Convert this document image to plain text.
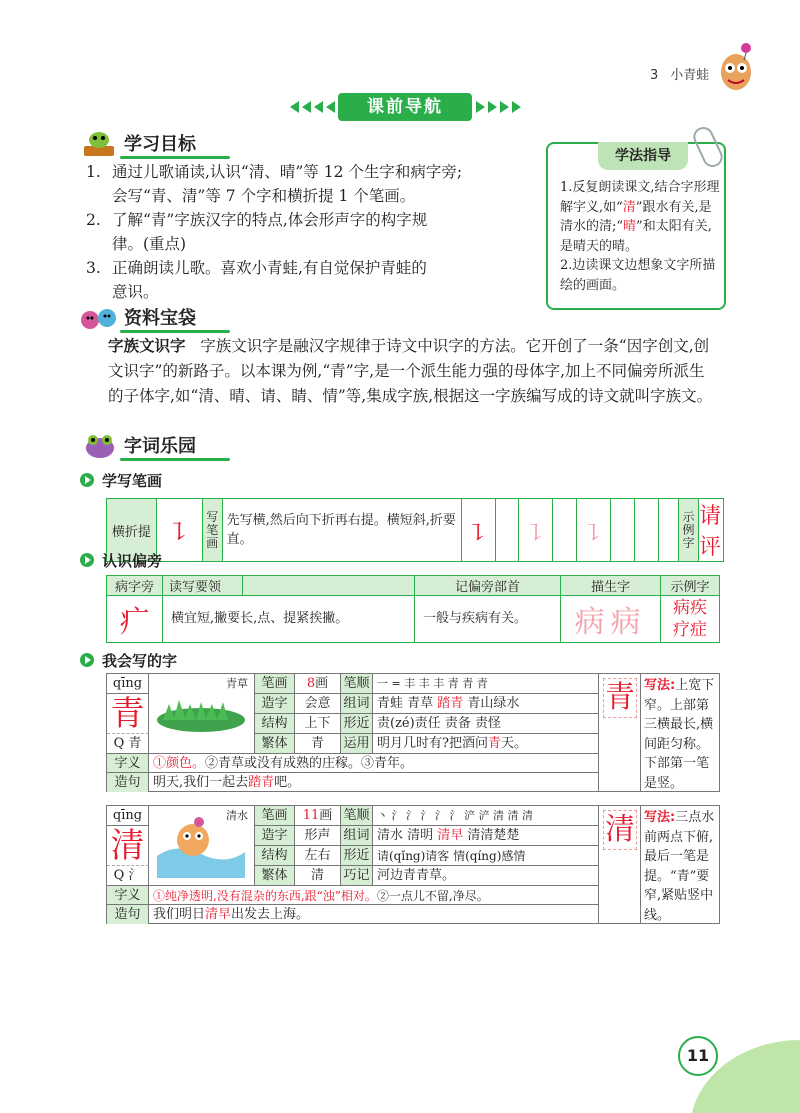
3 小青蛙
课前导航
学习目标
1. 通过儿歌诵读,认识“清、晴”等 12 个生字和病字旁;
会写“青、清”等 7 个字和横折提 1 个笔画。
2. 了解“青”字族汉字的特点,体会形声字的构字规
律。(重点)
3. 正确朗读儿歌。喜欢小青蛙,有自觉保护青蛙的
意识。
学法指导
1.反复朗读课文,结合字形理解字义,如“清”跟水有关,是清水的清;“晴”和太阳有关,是晴天的晴。
2.边读课文边想象文字所描绘的画面。
资料宝袋
字族文识字 字族文识字是融汉字规律于诗文中识字的方法。它开创了一条“因字创文,创文识字”的新路子。以本课为例,“青”字,是一个派生能力强的母体字,加上不同偏旁所派生的子体字,如“清、晴、请、睛、情”等,集成字族,根据这一字族编写成的诗文就叫字族文。
字词乐园
学写笔画
横折提	㇊	写笔画	先写横,然后向下折再右提。横短斜,折要直。	㇊		㇊		㇊				示例字	请评
认识偏旁
病字旁	读写要领		记偏旁部首	描生字	示例字
疒	横宜短,撇要长,点、提紧挨撇。		一般与疾病有关。	病病	病疾
疗症
我会写的字
qīng
青
Q 青
青草	笔画	8画	笔顺 一 = 丰 丰 丰 青 青 青
造字	会意 组词 青蛙 青草 踏青 青山绿水
结构	上下 形近 责(zé)责任 责备 责怪
繁体	青	运用 明月几时有?把酒问青天。
字义 ①颜色。②青草或没有成熟的庄稼。③青年。
造句 明天,我们一起去踏青吧。
青 写法:上宽下窄。上部第三横最长,横间距匀称。下部第一笔是竖。
qīng
清
Q 氵
清水	笔画	11画 笔顺 丶 氵 氵 氵 氵 氵 浐 浐 清 清 清
造字	形声 组词 清水 清明 清早 清清楚楚
结构	左右 形近 请(qǐng)请客 情(qíng)感情
繁体	清	巧记 河边青青草。
字义	①纯净透明,没有混杂的东西,跟“浊”相对。②一点儿不留,净尽。
造句 我们明日清早出发去上海。
清 写法:三点水前两点下俯,最后一笔是提。“青”要窄,紧贴竖中线。
11
